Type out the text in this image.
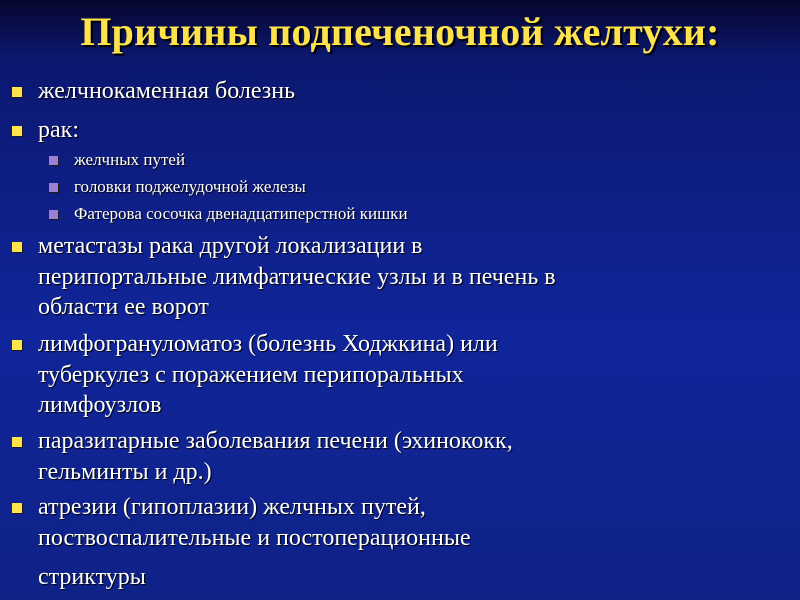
Причины подпеченочной желтухи:
желчнокаменная болезнь
рак:
желчных путей
головки поджелудочной железы
Фатерова сосочка двенадцатиперстной кишки
метастазы рака другой локализации в
перипортальные лимфатические узлы и в печень в
области ее ворот
лимфогрануломатоз (болезнь Ходжкина) или
туберкулез с поражением перипоральных
лимфоузлов
паразитарные заболевания печени (эхинококк,
гельминты и др.)
атрезии (гипоплазии) желчных путей,
поствоспалительные и постоперационные
стриктуры
